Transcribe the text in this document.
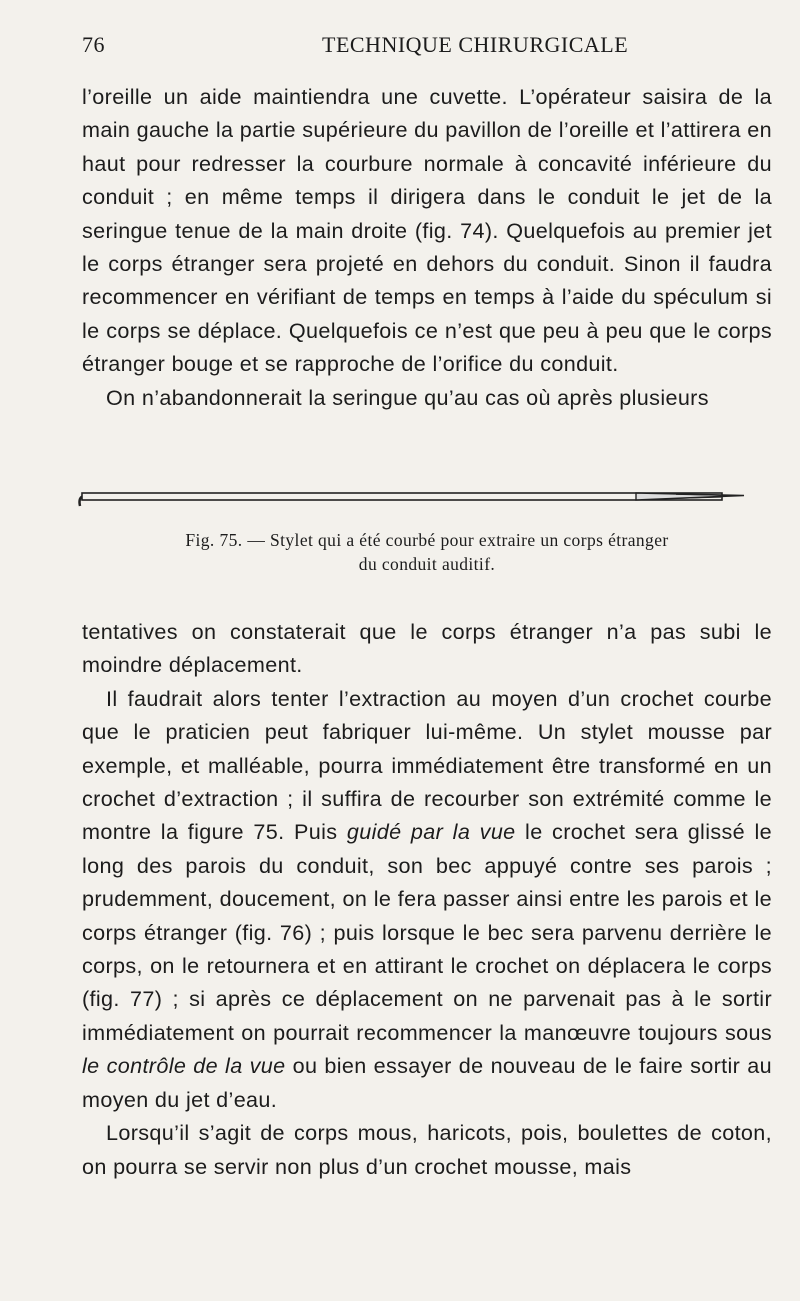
76	TECHNIQUE CHIRURGICALE

l’oreille un aide maintiendra une cuvette. L’opérateur saisira de la main gauche la partie supérieure du pavillon de l’oreille et l’attirera en haut pour redresser la courbure normale à concavité inférieure du conduit ; en même temps il dirigera dans le conduit le jet de la seringue tenue de la main droite (fig. 74). Quelquefois au premier jet le corps étranger sera projeté en dehors du conduit. Sinon il faudra recommencer en vérifiant de temps en temps à l’aide du spéculum si le corps se déplace. Quelquefois ce n’est que peu à peu que le corps étranger bouge et se rapproche de l’orifice du conduit.

On n’abandonnerait la seringue qu’au cas où après plusieurs

Fig. 75. — Stylet qui a été courbé pour extraire un corps étranger
du conduit auditif.

tentatives on constaterait que le corps étranger n’a pas subi le moindre déplacement.

Il faudrait alors tenter l’extraction au moyen d’un crochet courbe que le praticien peut fabriquer lui-même. Un stylet mousse par exemple, et malléable, pourra immédiatement être transformé en un crochet d’extraction ; il suffira de recourber son extrémité comme le montre la figure 75. Puis guidé par la vue le crochet sera glissé le long des parois du conduit, son bec appuyé contre ses parois ; prudemment, doucement, on le fera passer ainsi entre les parois et le corps étranger (fig. 76) ; puis lorsque le bec sera parvenu derrière le corps, on le retournera et en attirant le crochet on déplacera le corps (fig. 77) ; si après ce déplacement on ne parvenait pas à le sortir immédiatement on pourrait recommencer la manœuvre toujours sous le contrôle de la vue ou bien essayer de nouveau de le faire sortir au moyen du jet d’eau.

Lorsqu’il s’agit de corps mous, haricots, pois, boulettes de coton, on pourra se servir non plus d’un crochet mousse, mais
